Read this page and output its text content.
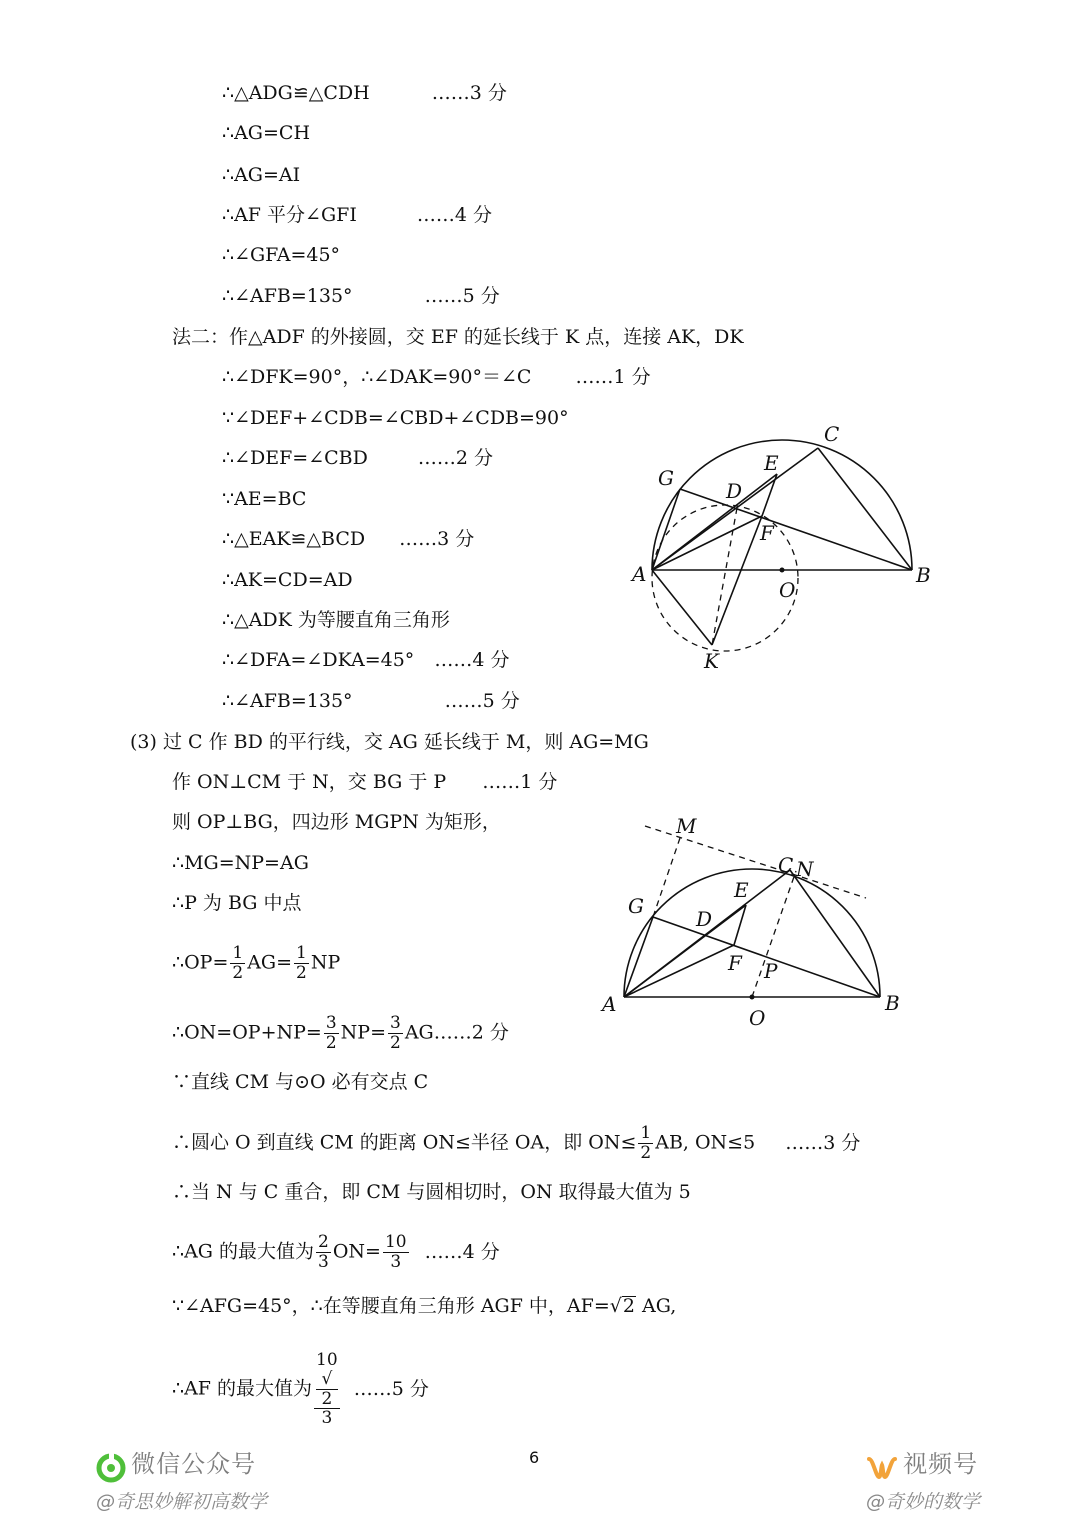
∴△ADG≌△CDH	……3 分
∴AG=CH
∴AG=AI
∴AF 平分∠GFI	……4 分
∴∠GFA=45°
∴∠AFB=135°	……5 分
法二：作△ADF 的外接圆，交 EF 的延长线于 K 点，连接 AK，DK
∴∠DFK=90°，∴∠DAK=90°＝∠C ……1 分
∵∠DEF+∠CDB=∠CBD+∠CDB=90°
∴∠DEF=∠CBD	……2 分
∵AE=BC
∴△EAK≌△BCD ……3 分
∴AK=CD=AD
∴△ADK 为等腰直角三角形
∴∠DFA=∠DKA=45° ……4 分
∴∠AFB=135°	……5 分
C
E
G
D
F
A	B
O
K
(3) 过 C 作 BD 的平行线，交 AG 延长线于 M，则 AG=MG
作 ON⊥CM 于 N，交 BG 于 P ……1 分
则 OP⊥BG，四边形 MGPN 为矩形，
∴MG=NP=AG
∴P 为 BG 中点
∴OP= $\frac{1}{2} AG= \frac{1}{2}$ NP
∴ON=OP+NP= $\frac{3}{2} NP= \frac{3}{2}$ AG……2 分
∵直线 CM 与⊙O 必有交点 C
∴圆心 O 到直线 CM 的距离 ON≤半径 OA，即 $ON\le \frac{1}{2}$ AB, ON≤5 ……3 分
∴当 N 与 C 重合，即 CM 与圆相切时，ON 取得最大值为 5
∴AG 的最大值为 $\frac{2}{3} ON= \frac{10}{3}$ ……4 分
∵∠AFG=45°，∴在等腰直角三角形 AGF 中，AF=√2 AG,
∴AF 的最大值为 10
√
2
3 ……5 分
M
C N
E
G
D
F P
A	B
O
6
微信公众号
@奇思妙解初高数学
视频号
@奇妙的数学
